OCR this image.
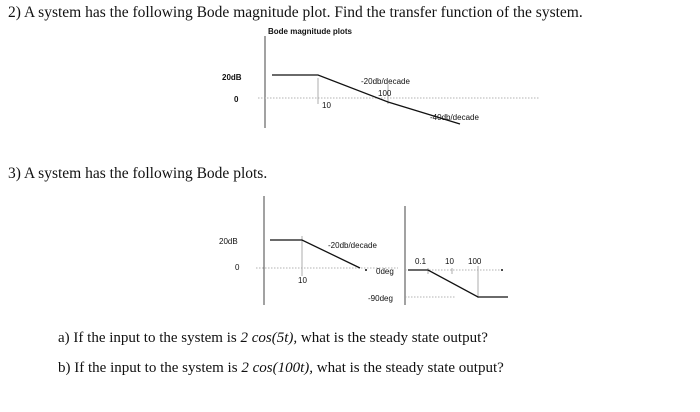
2) A system has the following Bode magnitude plot. Find the transfer function of the system.
Bode magnitude plots
20dB
0
10
100
-20db/decade
-40db/decade
20dB
0
10
-20db/decade
0.1 10 100
0deg
-90deg
3) A system has the following Bode plots.
a) If the input to the system is 2 cos(5t), what is the steady state output?
b) If the input to the system is 2 cos(100t), what is the steady state output?
